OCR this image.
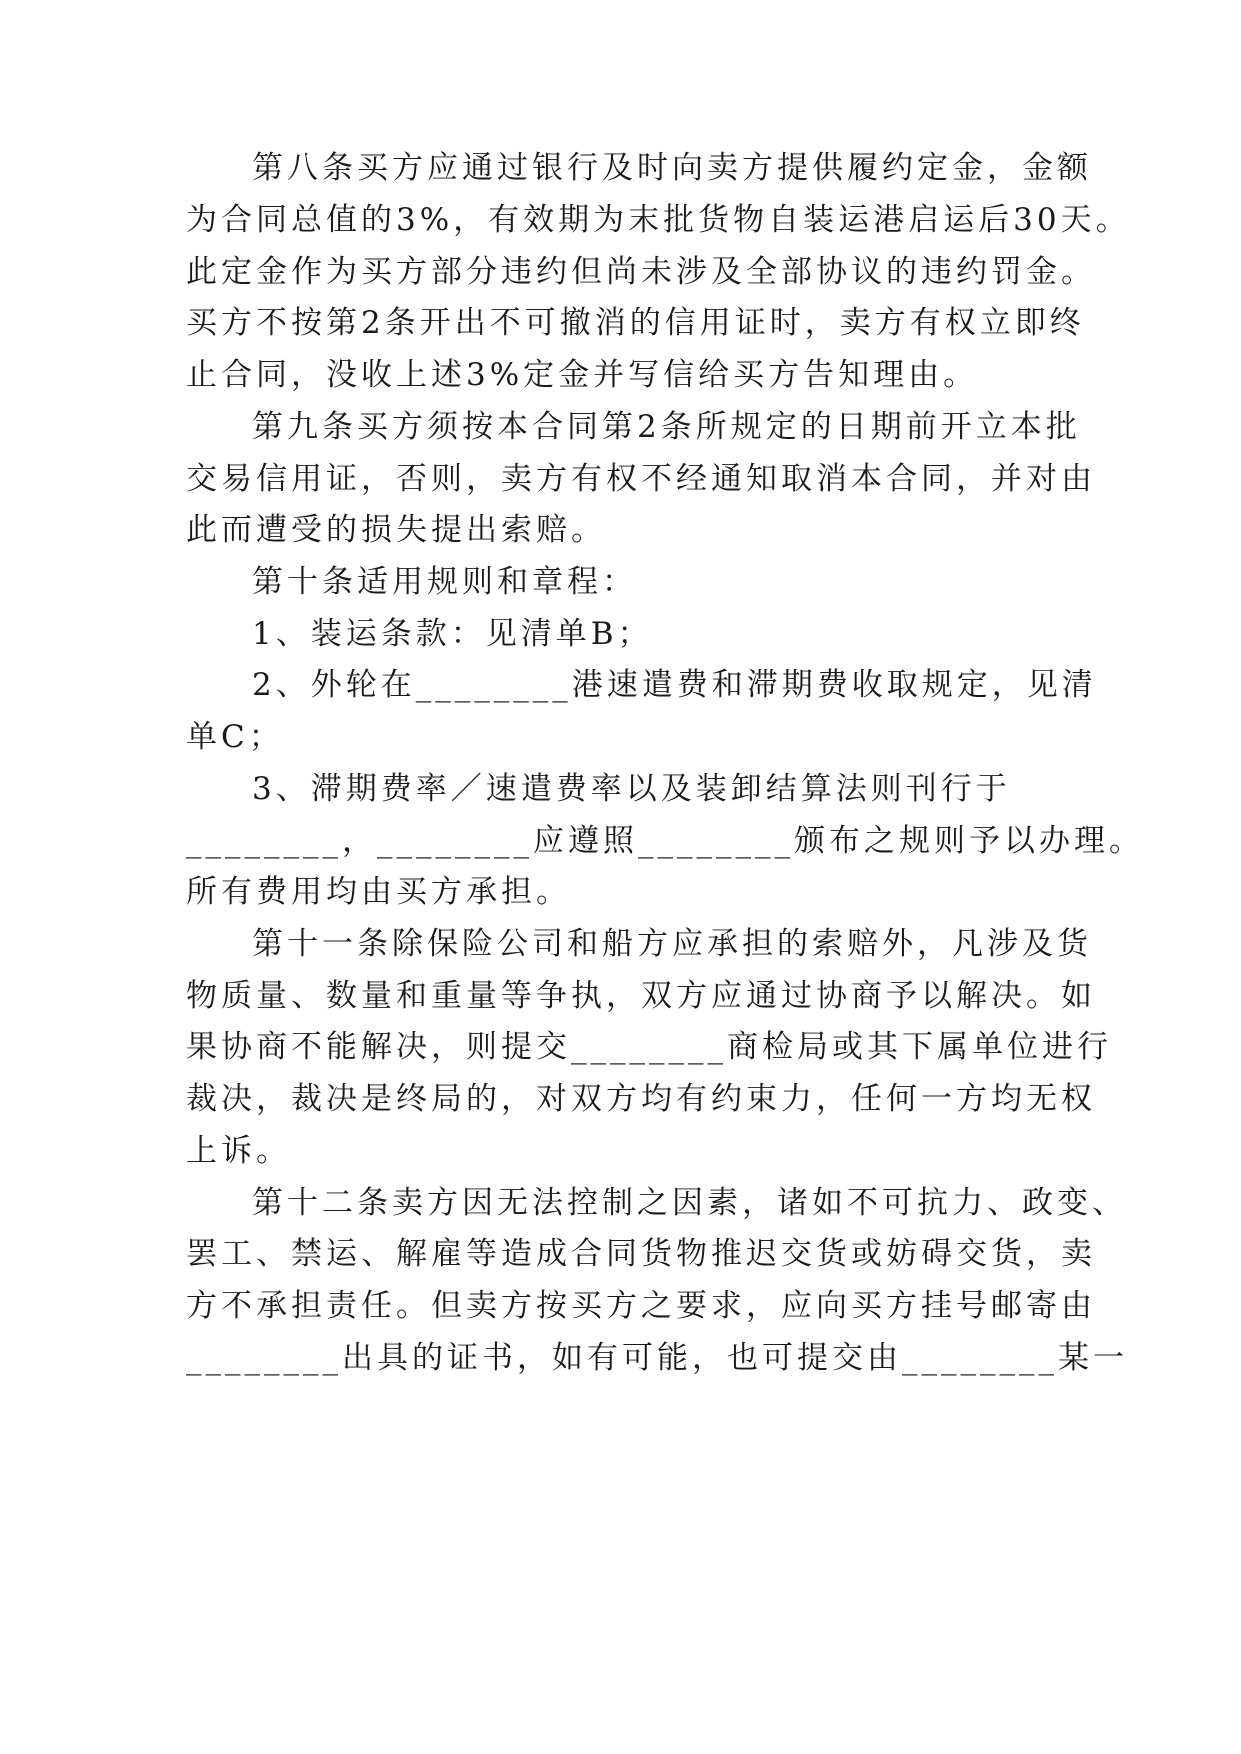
第八条买方应通过银行及时向卖方提供履约定金，金额
为合同总值的3%，有效期为末批货物自装运港启运后30天。
此定金作为买方部分违约但尚未涉及全部协议的违约罚金。
买方不按第2条开出不可撤消的信用证时，卖方有权立即终
止合同，没收上述3%定金并写信给买方告知理由。
第九条买方须按本合同第2条所规定的日期前开立本批
交易信用证，否则，卖方有权不经通知取消本合同，并对由
此而遭受的损失提出索赔。
第十条适用规则和章程：
1、装运条款：见清单B；
2、外轮在________港速遣费和滞期费收取规定，见清
单C；
3、滞期费率／速遣费率以及装卸结算法则刊行于
________，________应遵照________颁布之规则予以办理。
所有费用均由买方承担。
第十一条除保险公司和船方应承担的索赔外，凡涉及货
物质量、数量和重量等争执，双方应通过协商予以解决。如
果协商不能解决，则提交________商检局或其下属单位进行
裁决，裁决是终局的，对双方均有约束力，任何一方均无权
上诉。
第十二条卖方因无法控制之因素，诸如不可抗力、政变、
罢工、禁运、解雇等造成合同货物推迟交货或妨碍交货，卖
方不承担责任。但卖方按买方之要求，应向买方挂号邮寄由
________出具的证书，如有可能，也可提交由________某一
